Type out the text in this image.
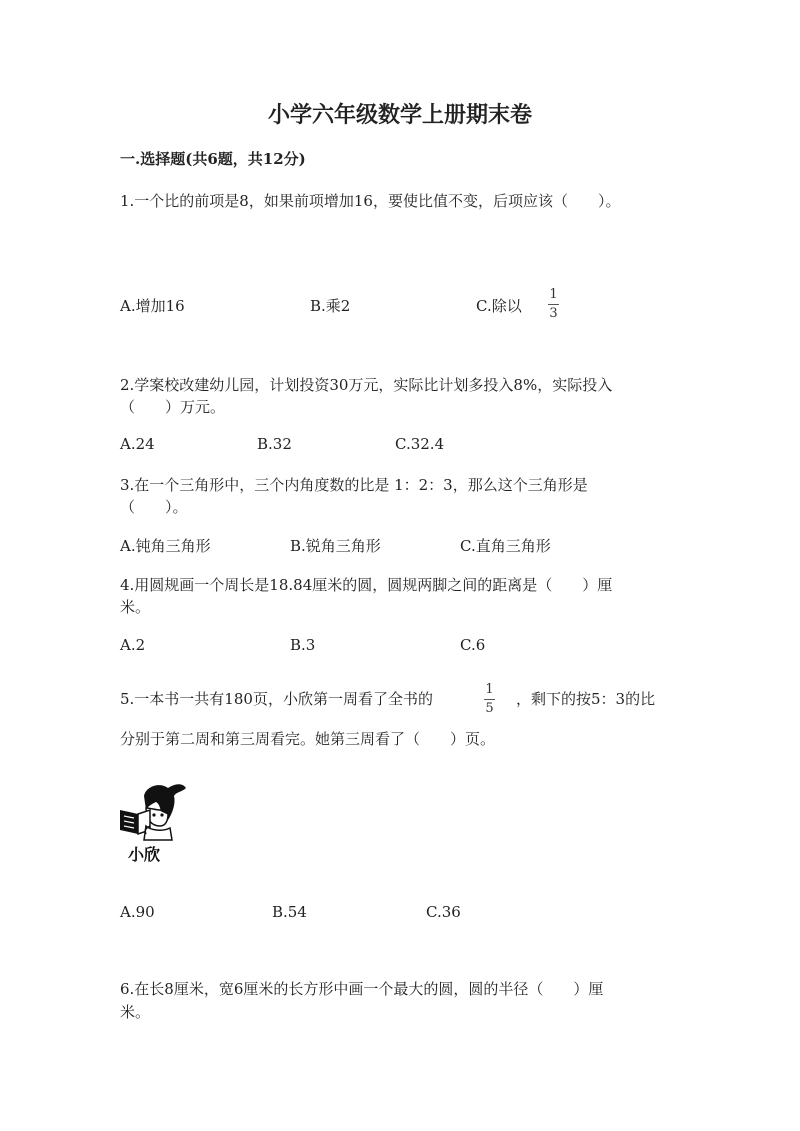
小学六年级数学上册期末卷
一.选择题(共6题，共12分)
1.一个比的前项是8，如果前项增加16，要使比值不变，后项应该（　　）。
A.增加16	B.乘2	C.除以
1
3
2.学案校改建幼儿园，计划投资30万元，实际比计划多投入8%，实际投入
（　　）万元。
A.24	B.32	C.32.4
3.在一个三角形中，三个内角度数的比是 1：2：3，那么这个三角形是
（　　）。
A.钝角三角形	B.锐角三角形	C.直角三角形
4.用圆规画一个周长是18.84厘米的圆，圆规两脚之间的距离是（　　）厘
米。
A.2	B.3	C.6
5.一本书一共有180页，小欣第一周看了全书的
1
5
，剩下的按5：3的比
分别于第二周和第三周看完。她第三周看了（　　）页。
小欣
A.90	B.54	C.36
6.在长8厘米，宽6厘米的长方形中画一个最大的圆，圆的半径（　　）厘
米。
